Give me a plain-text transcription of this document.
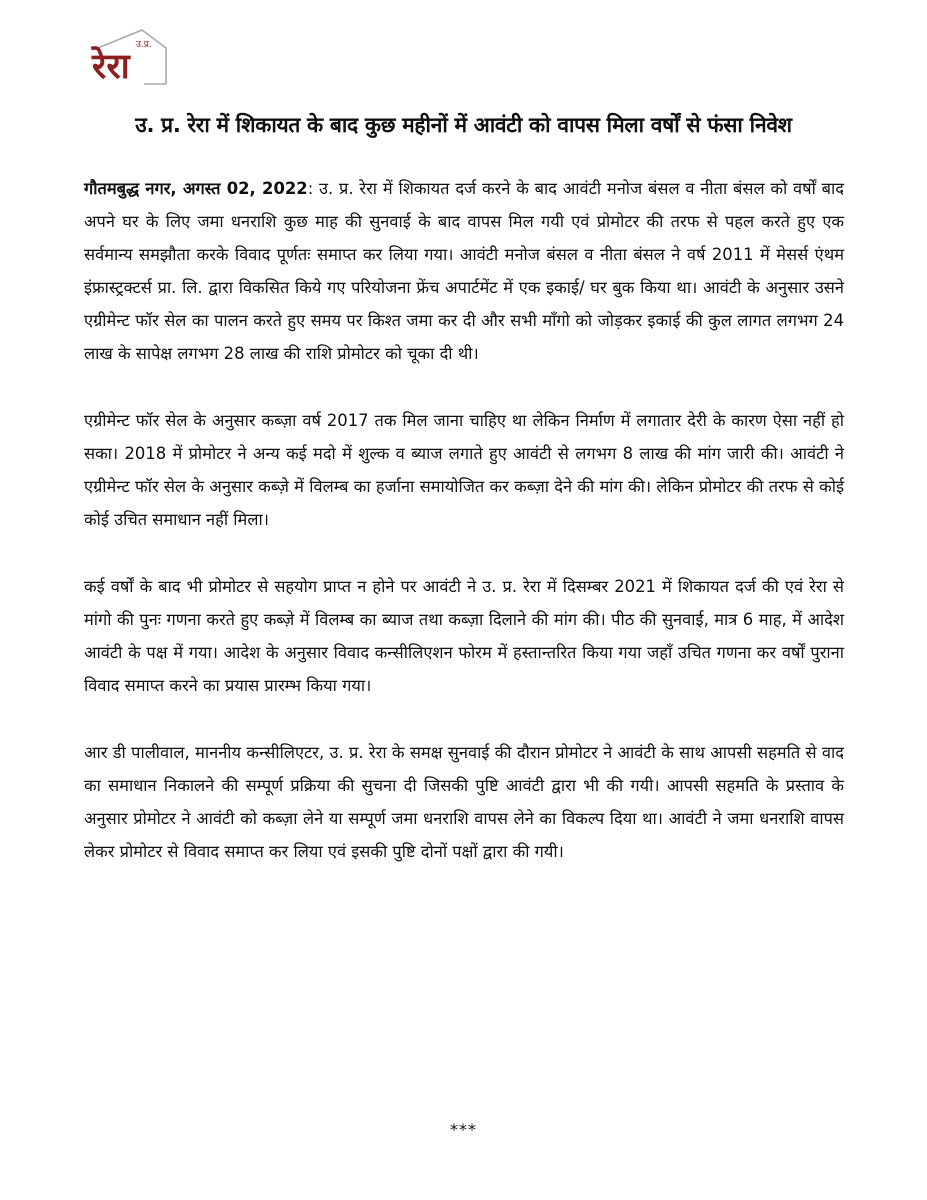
रेरा
उ.प्र.
उ. प्र. रेरा में शिकायत के बाद कुछ महीनों में आवंटी को वापस मिला वर्षों से फंसा निवेश

गौतमबुद्ध नगर, अगस्त 02, 2022: उ. प्र. रेरा में शिकायत दर्ज करने के बाद आवंटी मनोज बंसल व नीता बंसल को वर्षों बाद अपने घर के लिए जमा धनराशि कुछ माह की सुनवाई के बाद वापस मिल गयी एवं प्रोमोटर की तरफ से पहल करते हुए एक सर्वमान्य समझौता करके विवाद पूर्णतः समाप्त कर लिया गया। आवंटी मनोज बंसल व नीता बंसल ने वर्ष 2011 में मेसर्स एंथम इंफ्रास्ट्रक्टर्स प्रा. लि. द्वारा विकसित किये गए परियोजना फ्रेंच अपार्टमेंट में एक इकाई/ घर बुक किया था। आवंटी के अनुसार उसने एग्रीमेन्ट फॉर सेल का पालन करते हुए समय पर किश्त जमा कर दी और सभी माँगो को जोड़कर इकाई की कुल लागत लगभग 24 लाख के सापेक्ष लगभग 28 लाख की राशि प्रोमोटर को चूका दी थी।

एग्रीमेन्ट फॉर सेल के अनुसार कब्ज़ा वर्ष 2017 तक मिल जाना चाहिए था लेकिन निर्माण में लगातार देरी के कारण ऐसा नहीं हो सका। 2018 में प्रोमोटर ने अन्य कई मदो में शुल्क व ब्याज लगाते हुए आवंटी से लगभग 8 लाख की मांग जारी की। आवंटी ने एग्रीमेन्ट फॉर सेल के अनुसार कब्ज़े में विलम्ब का हर्जाना समायोजित कर कब्ज़ा देने की मांग की। लेकिन प्रोमोटर की तरफ से कोई कोई उचित समाधान नहीं मिला।

कई वर्षों के बाद भी प्रोमोटर से सहयोग प्राप्त न होने पर आवंटी ने उ. प्र. रेरा में दिसम्बर 2021 में शिकायत दर्ज की एवं रेरा से मांगो की पुनः गणना करते हुए कब्ज़े में विलम्ब का ब्याज तथा कब्ज़ा दिलाने की मांग की। पीठ की सुनवाई, मात्र 6 माह, में आदेश आवंटी के पक्ष में गया। आदेश के अनुसार विवाद कन्सीलिएशन फोरम में हस्तान्तरित किया गया जहाँ उचित गणना कर वर्षों पुराना विवाद समाप्त करने का प्रयास प्रारम्भ किया गया।

आर डी पालीवाल, माननीय कन्सीलिएटर, उ. प्र. रेरा के समक्ष सुनवाई की दौरान प्रोमोटर ने आवंटी के साथ आपसी सहमति से वाद का समाधान निकालने की सम्पूर्ण प्रक्रिया की सुचना दी जिसकी पुष्टि आवंटी द्वारा भी की गयी। आपसी सहमति के प्रस्ताव के अनुसार प्रोमोटर ने आवंटी को कब्ज़ा लेने या सम्पूर्ण जमा धनराशि वापस लेने का विकल्प दिया था। आवंटी ने जमा धनराशि वापस लेकर प्रोमोटर से विवाद समाप्त कर लिया एवं इसकी पुष्टि दोनों पक्षों द्वारा की गयी।

***
